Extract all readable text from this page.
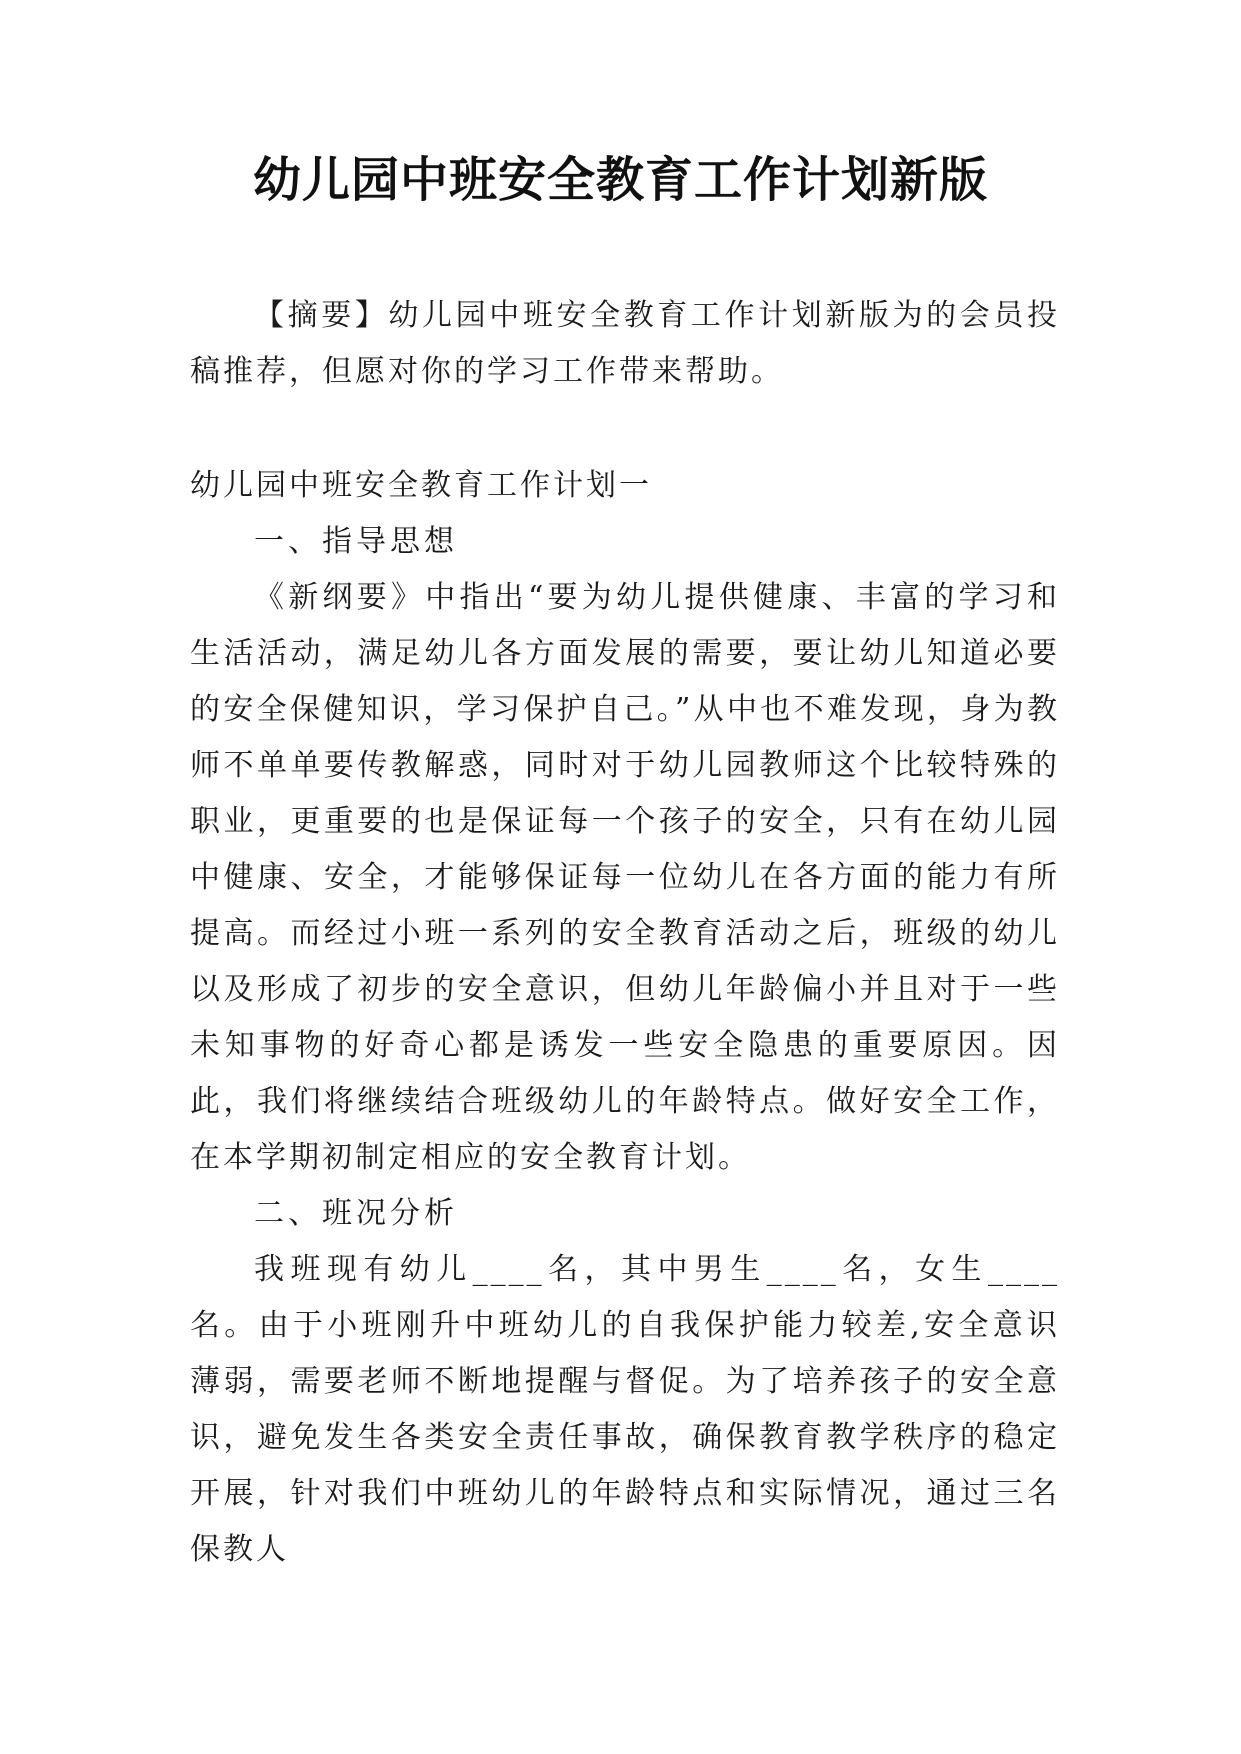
幼儿园中班安全教育工作计划新版

【摘要】幼儿园中班安全教育工作计划新版为的会员投稿推荐，但愿对你的学习工作带来帮助。

幼儿园中班安全教育工作计划一

一、指导思想

《新纲要》中指出“要为幼儿提供健康、丰富的学习和生活活动，满足幼儿各方面发展的需要，要让幼儿知道必要的安全保健知识，学习保护自己。”从中也不难发现，身为教师不单单要传教解惑，同时对于幼儿园教师这个比较特殊的职业，更重要的也是保证每一个孩子的安全，只有在幼儿园中健康、安全，才能够保证每一位幼儿在各方面的能力有所提高。而经过小班一系列的安全教育活动之后，班级的幼儿以及形成了初步的安全意识，但幼儿年龄偏小并且对于一些未知事物的好奇心都是诱发一些安全隐患的重要原因。因此，我们将继续结合班级幼儿的年龄特点。做好安全工作，在本学期初制定相应的安全教育计划。

二、班况分析

我班现有幼儿____名，其中男生____名，女生____名。由于小班刚升中班幼儿的自我保护能力较差,安全意识薄弱，需要老师不断地提醒与督促。为了培养孩子的安全意识，避免发生各类安全责任事故，确保教育教学秩序的稳定开展，针对我们中班幼儿的年龄特点和实际情况，通过三名保教人
